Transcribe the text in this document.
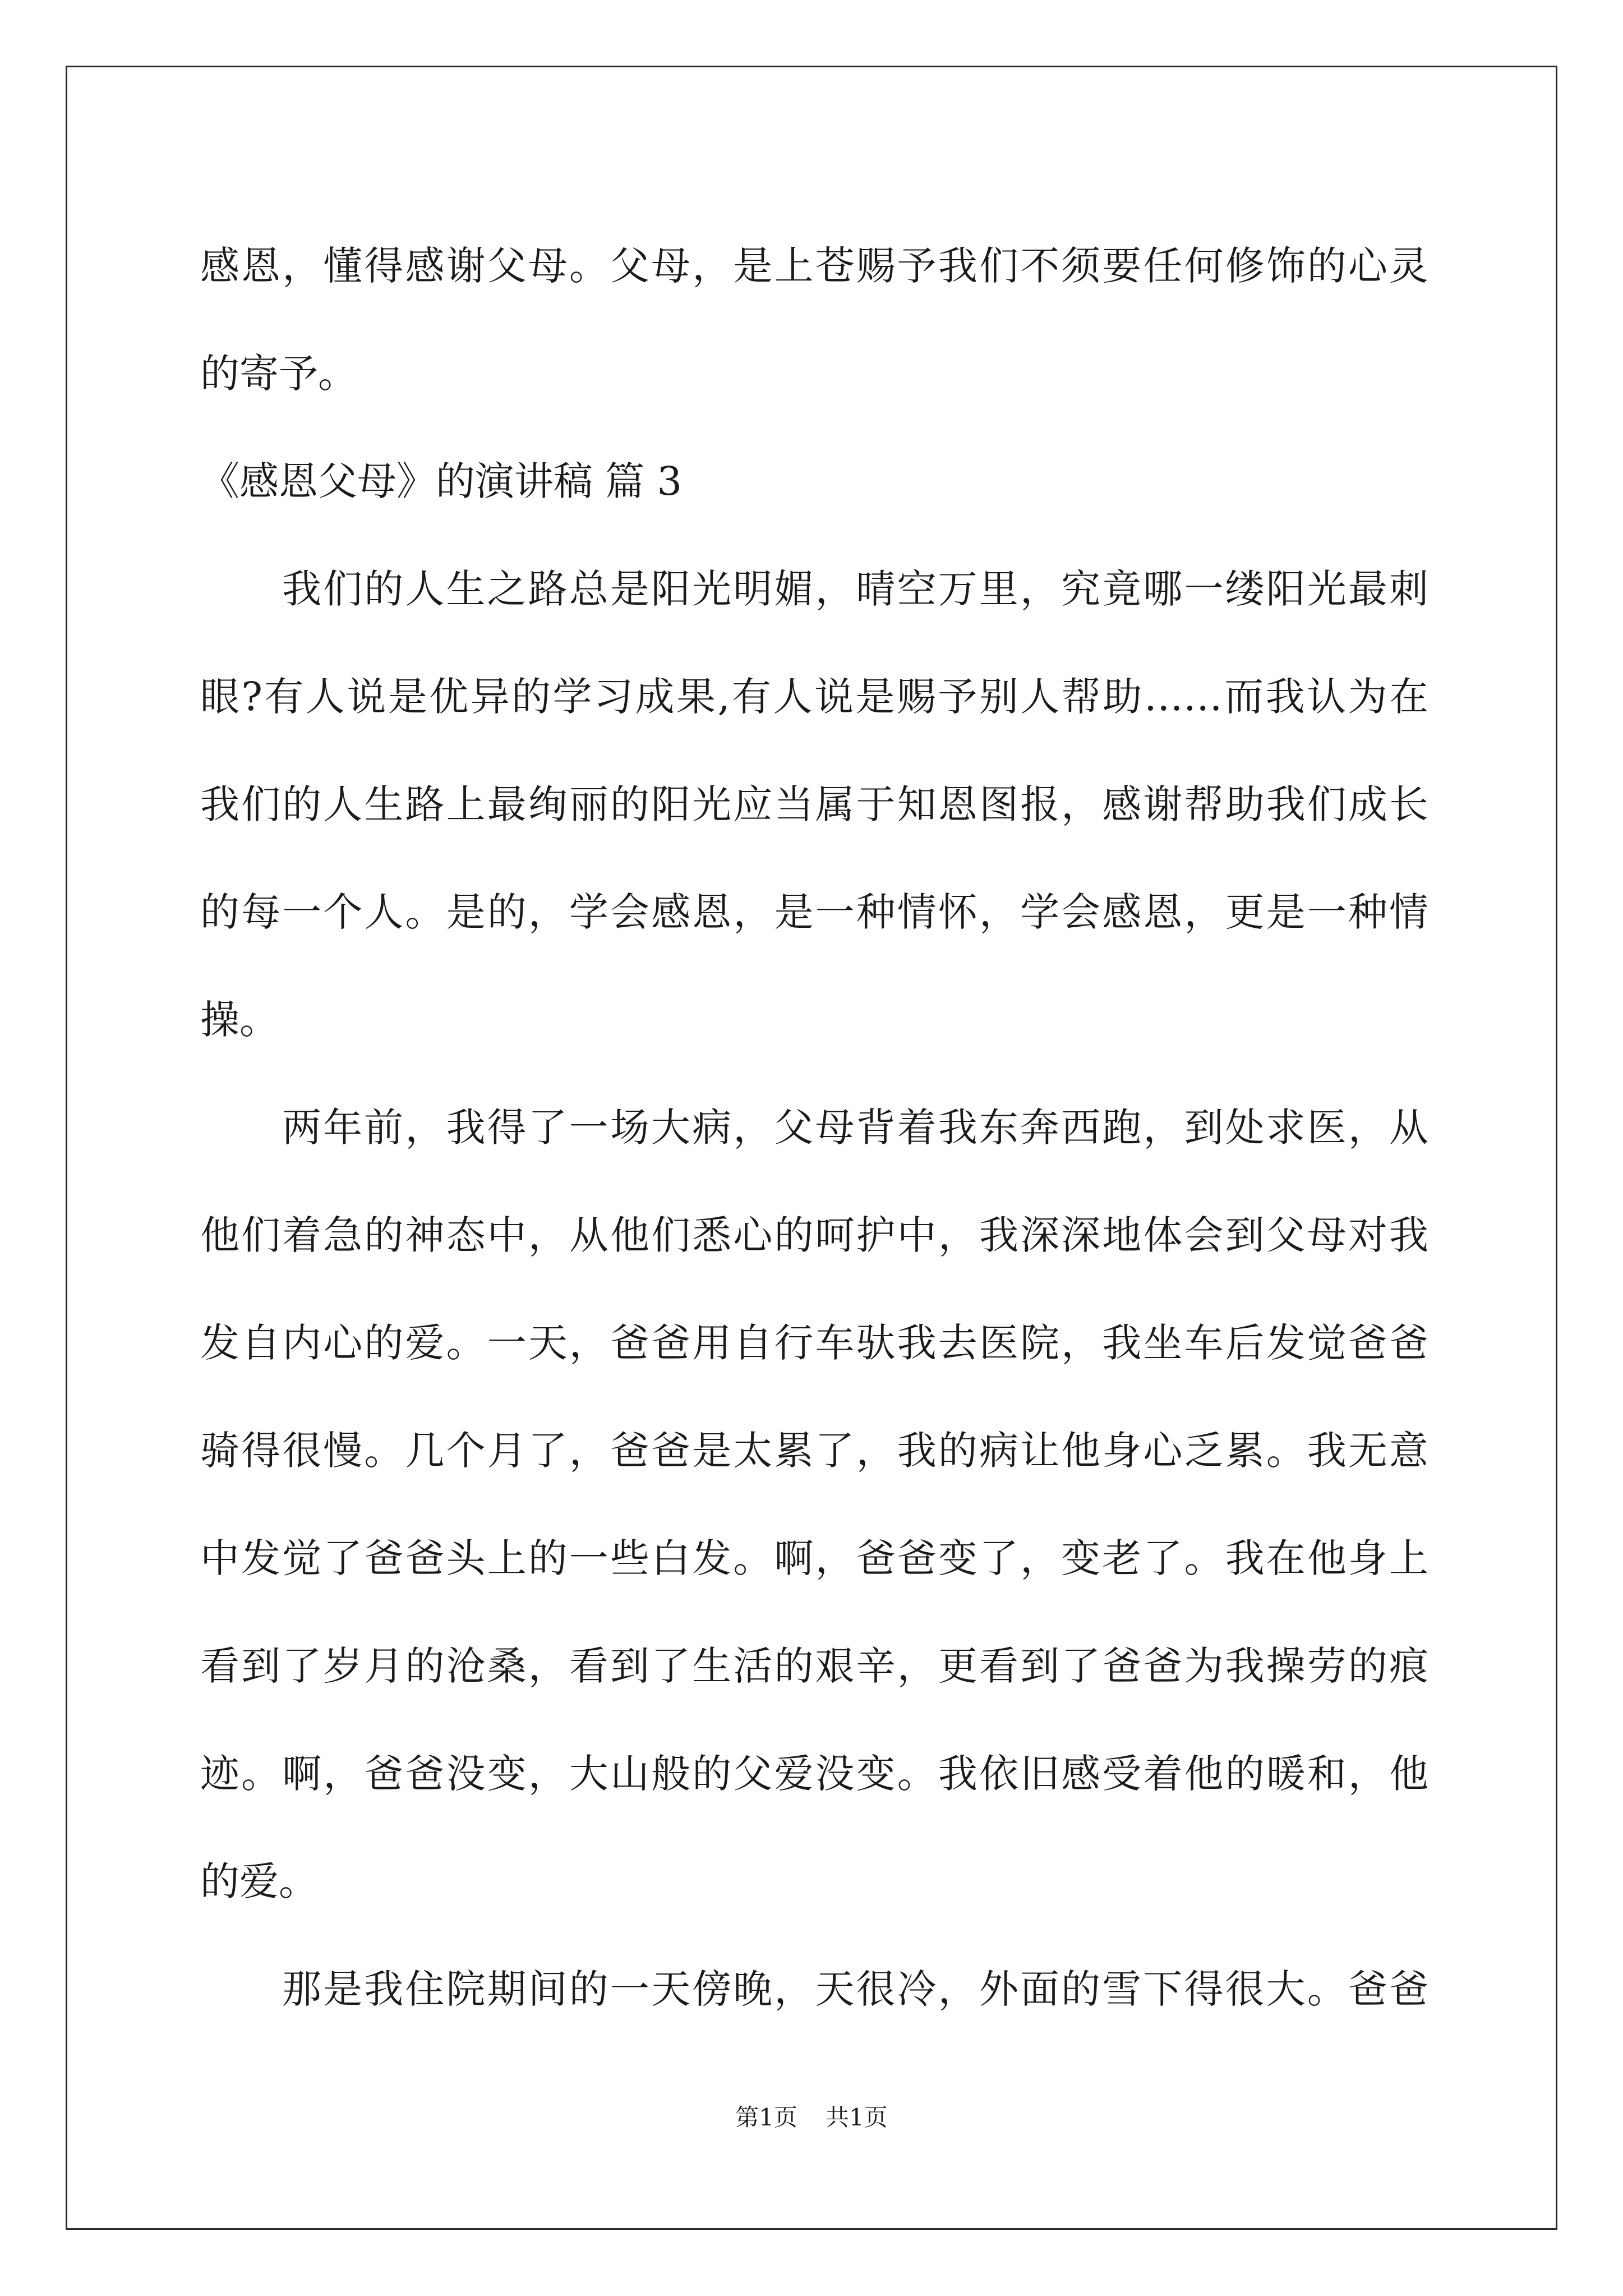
感恩，懂得感谢父母。父母，是上苍赐予我们不须要任何修饰的心灵
的寄予。
《感恩父母》的演讲稿 篇 3
我们的人生之路总是阳光明媚，晴空万里，究竟哪一缕阳光最刺
眼?有人说是优异的学习成果,有人说是赐予别人帮助……而我认为在
我们的人生路上最绚丽的阳光应当属于知恩图报，感谢帮助我们成长
的每一个人。是的，学会感恩，是一种情怀，学会感恩，更是一种情
操。
两年前，我得了一场大病，父母背着我东奔西跑，到处求医，从
他们着急的神态中，从他们悉心的呵护中，我深深地体会到父母对我
发自内心的爱。一天，爸爸用自行车驮我去医院，我坐车后发觉爸爸
骑得很慢。几个月了，爸爸是太累了，我的病让他身心乏累。我无意
中发觉了爸爸头上的一些白发。啊，爸爸变了，变老了。我在他身上
看到了岁月的沧桑，看到了生活的艰辛，更看到了爸爸为我操劳的痕
迹。啊，爸爸没变，大山般的父爱没变。我依旧感受着他的暖和，他
的爱。
那是我住院期间的一天傍晚，天很冷，外面的雪下得很大。爸爸
第1页 共1页
